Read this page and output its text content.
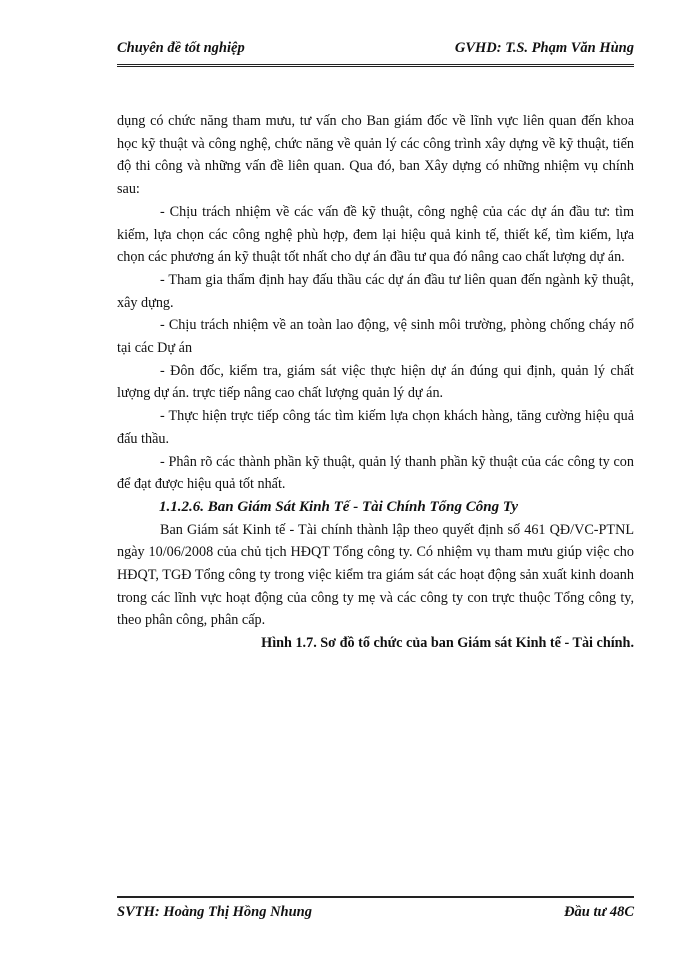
Chuyên đề tốt nghiệp	GVHD: T.S. Phạm Văn Hùng

dụng có chức năng tham mưu, tư vấn cho Ban giám đốc về lĩnh vực liên quan đến khoa học kỹ thuật và công nghệ, chức năng về quản lý các công trình xây dựng về kỹ thuật, tiến độ thi công và những vấn đề liên quan. Qua đó, ban Xây dựng có những nhiệm vụ chính sau:

- Chịu trách nhiệm về các vấn đề kỹ thuật, công nghệ của các dự án đầu tư: tìm kiếm, lựa chọn các công nghệ phù hợp, đem lại hiệu quả kinh tế, thiết kế, tìm kiếm, lựa chọn các phương án kỹ thuật tốt nhất cho dự án đầu tư qua đó nâng cao chất lượng dự án.

- Tham gia thẩm định hay đấu thầu các dự án đầu tư liên quan đến ngành kỹ thuật, xây dựng.

- Chịu trách nhiệm về an toàn lao động, vệ sinh môi trường, phòng chống cháy nổ tại các Dự án

- Đôn đốc, kiểm tra, giám sát việc thực hiện dự án đúng qui định, quản lý chất lượng dự án. trực tiếp nâng cao chất lượng quản lý dự án.

- Thực hiện trực tiếp công tác tìm kiếm lựa chọn khách hàng, tăng cường hiệu quả đấu thầu.

- Phân rõ các thành phần kỹ thuật, quản lý thanh phần kỹ thuật của các công ty con để đạt được hiệu quả tốt nhất.

1.1.2.6. Ban Giám Sát Kinh Tế - Tài Chính Tổng Công Ty

Ban Giám sát Kinh tế - Tài chính thành lập theo quyết định số 461 QĐ/VC-PTNL ngày 10/06/2008 của chủ tịch HĐQT Tổng công ty. Có nhiệm vụ tham mưu giúp việc cho HĐQT, TGĐ Tổng công ty trong việc kiểm tra giám sát các hoạt động sản xuất kinh doanh trong các lĩnh vực hoạt động của công ty mẹ và các công ty con trực thuộc Tổng công ty, theo phân công, phân cấp.

Hình 1.7. Sơ đồ tổ chức của ban Giám sát Kinh tế - Tài chính.

SVTH: Hoàng Thị Hồng Nhung	Đầu tư 48C
